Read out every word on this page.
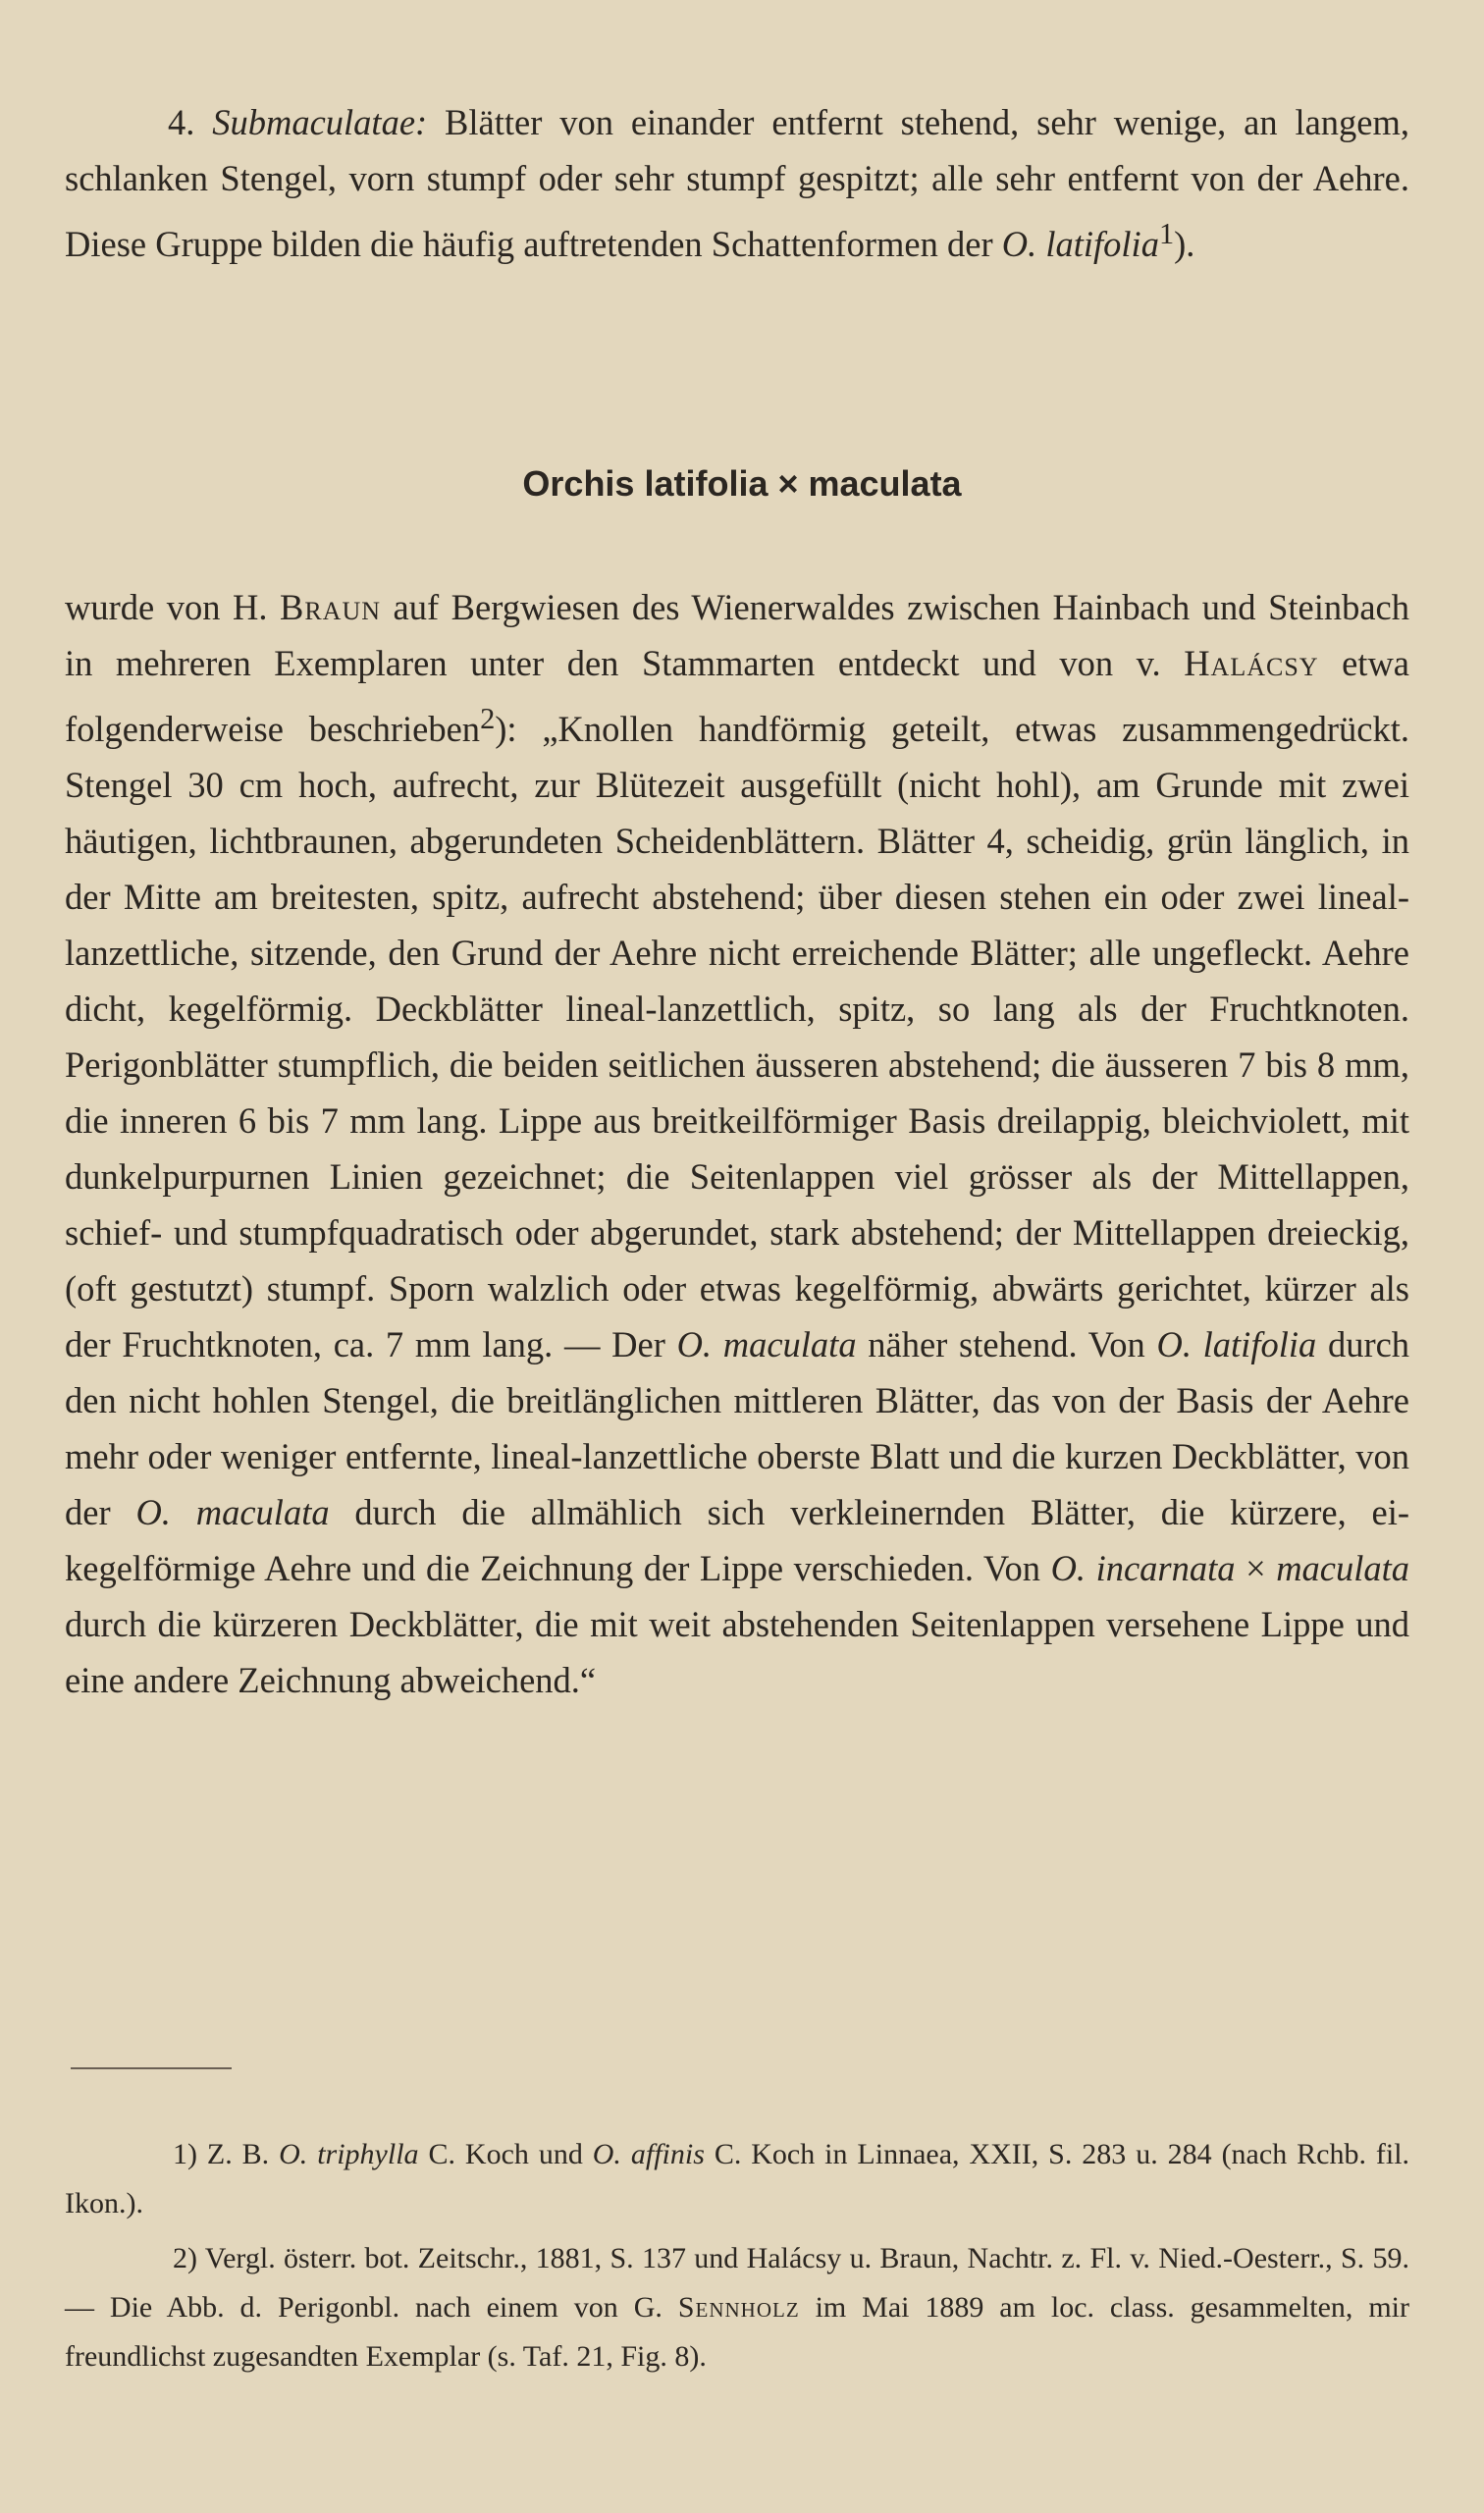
4. Submaculatae: Blätter von einander entfernt stehend, sehr wenige, an langem, schlanken Stengel, vorn stumpf oder sehr stumpf gespitzt; alle sehr entfernt von der Aehre. Diese Gruppe bilden die häufig auftretenden Schattenformen der O. latifolia$^1$).

Orchis latifolia × maculata

wurde von H. Braun auf Bergwiesen des Wienerwaldes zwischen Hainbach und Steinbach in mehreren Exemplaren unter den Stammarten entdeckt und von v. Halácsy etwa folgenderweise beschrieben$^2$): „Knollen handförmig geteilt, etwas zusammengedrückt. Stengel 30 cm hoch, aufrecht, zur Blütezeit ausgefüllt (nicht hohl), am Grunde mit zwei häutigen, lichtbraunen, abgerundeten Scheidenblättern. Blätter 4, scheidig, grün länglich, in der Mitte am breitesten, spitz, aufrecht abstehend; über diesen stehen ein oder zwei lineal-lanzettliche, sitzende, den Grund der Aehre nicht erreichende Blätter; alle ungefleckt. Aehre dicht, kegelförmig. Deckblätter lineal-lanzettlich, spitz, so lang als der Fruchtknoten. Perigonblätter stumpflich, die beiden seitlichen äusseren abstehend; die äusseren 7 bis 8 mm, die inneren 6 bis 7 mm lang. Lippe aus breitkeilförmiger Basis dreilappig, bleichviolett, mit dunkelpurpurnen Linien gezeichnet; die Seitenlappen viel grösser als der Mittellappen, schief- und stumpfquadratisch oder abgerundet, stark abstehend; der Mittellappen dreieckig, (oft gestutzt) stumpf. Sporn walzlich oder etwas kegelförmig, abwärts gerichtet, kürzer als der Fruchtknoten, ca. 7 mm lang. — Der O. maculata näher stehend. Von O. latifolia durch den nicht hohlen Stengel, die breitlänglichen mittleren Blätter, das von der Basis der Aehre mehr oder weniger entfernte, lineal-lanzettliche oberste Blatt und die kurzen Deckblätter, von der O. maculata durch die allmählich sich verkleinernden Blätter, die kürzere, ei-kegelförmige Aehre und die Zeichnung der Lippe verschieden. Von O. incarnata × maculata durch die kürzeren Deckblätter, die mit weit abstehenden Seitenlappen versehene Lippe und eine andere Zeichnung abweichend.“

1) Z. B. O. triphylla C. Koch und O. affinis C. Koch in Linnaea, XXII, S. 283 u. 284 (nach Rchb. fil. Ikon.).

2) Vergl. österr. bot. Zeitschr., 1881, S. 137 und Halácsy u. Braun, Nachtr. z. Fl. v. Nied.-Oesterr., S. 59. — Die Abb. d. Perigonbl. nach einem von G. Sennholz im Mai 1889 am loc. class. gesammelten, mir freundlichst zugesandten Exemplar (s. Taf. 21, Fig. 8).
